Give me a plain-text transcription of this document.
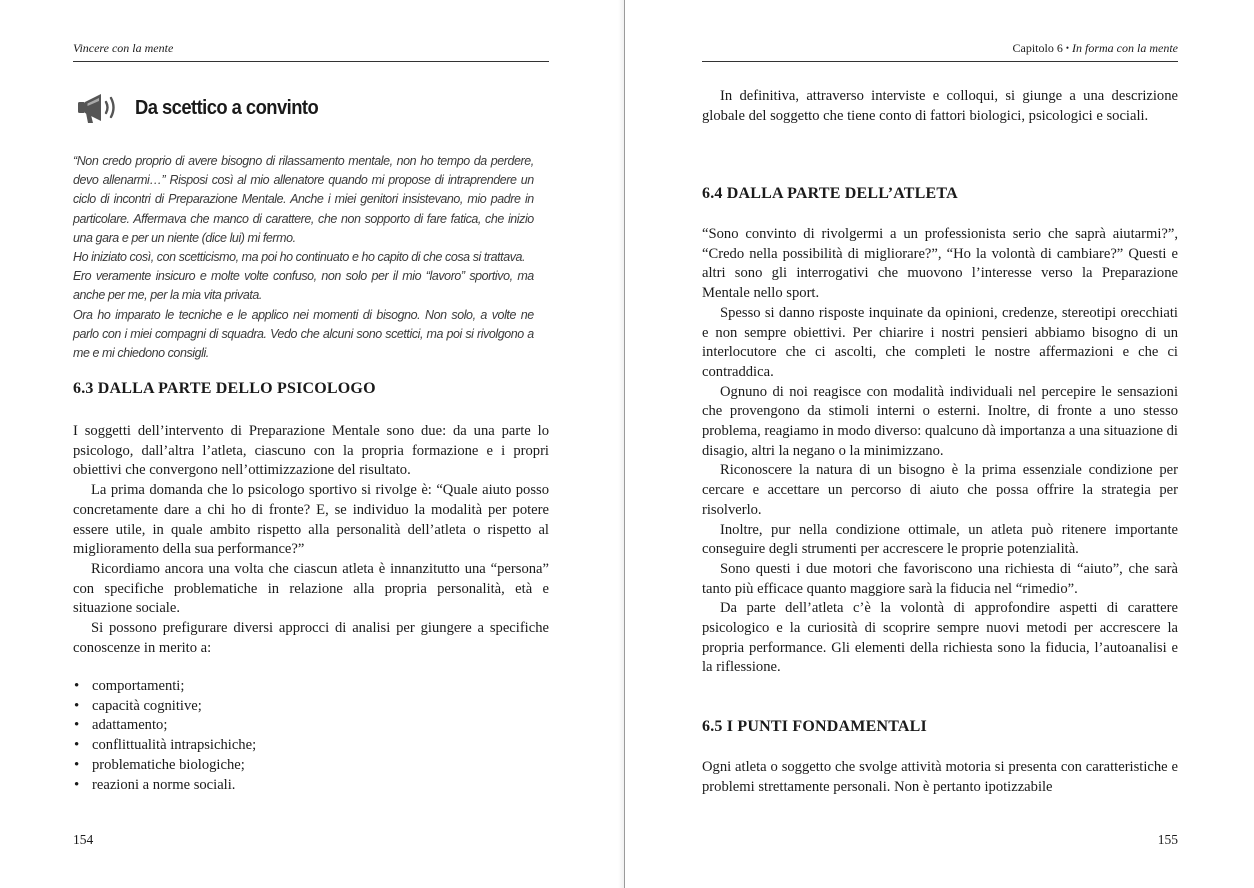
Vincere con la mente
Da scettico a convinto

“Non credo proprio di avere bisogno di rilassamento mentale, non ho tempo da perdere, devo allenarmi…” Risposi così al mio allenatore quando mi propose di intraprendere un ciclo di incontri di Preparazione Mentale. Anche i miei genitori insistevano, mio padre in particolare. Affermava che manco di carattere, che non sopporto di fare fatica, che inizio una gara e per un niente (dice lui) mi fermo.

Ho iniziato così, con scetticismo, ma poi ho continuato e ho capito di che cosa si trattava.

Ero veramente insicuro e molte volte confuso, non solo per il mio “lavoro” sportivo, ma anche per me, per la mia vita privata.

Ora ho imparato le tecniche e le applico nei momenti di bisogno. Non solo, a volte ne parlo con i miei compagni di squadra. Vedo che alcuni sono scettici, ma poi si rivolgono a me e mi chiedono consigli.

6.3 DALLA PARTE DELLO PSICOLOGO

I soggetti dell’intervento di Preparazione Mentale sono due: da una parte lo psicologo, dall’altra l’atleta, ciascuno con la propria formazione e i propri obiettivi che convergono nell’ottimizzazione del risultato.

La prima domanda che lo psicologo sportivo si rivolge è: “Quale aiuto posso concretamente dare a chi ho di fronte? E, se individuo la modalità per potere essere utile, in quale ambito rispetto alla personalità dell’atleta o rispetto al miglioramento della sua performance?”

Ricordiamo ancora una volta che ciascun atleta è innanzitutto una “persona” con specifiche problematiche in relazione alla propria personalità, età e situazione sociale.

Si possono prefigurare diversi approcci di analisi per giungere a specifiche conoscenze in merito a:

• comportamenti;
• capacità cognitive;
• adattamento;
• conflittualità intrapsichiche;
• problematiche biologiche;
• reazioni a norme sociali.
154
Capitolo 6 • In forma con la mente

In definitiva, attraverso interviste e colloqui, si giunge a una descrizione globale del soggetto che tiene conto di fattori biologici, psicologici e sociali.

6.4 DALLA PARTE DELL’ATLETA

“Sono convinto di rivolgermi a un professionista serio che saprà aiutarmi?”, “Credo nella possibilità di migliorare?”, “Ho la volontà di cambiare?” Questi e altri sono gli interrogativi che muovono l’interesse verso la Preparazione Mentale nello sport.

Spesso si danno risposte inquinate da opinioni, credenze, stereotipi orecchiati e non sempre obiettivi. Per chiarire i nostri pensieri abbiamo bisogno di un interlocutore che ci ascolti, che completi le nostre affermazioni e che ci contraddica.

Ognuno di noi reagisce con modalità individuali nel percepire le sensazioni che provengono da stimoli interni o esterni. Inoltre, di fronte a uno stesso problema, reagiamo in modo diverso: qualcuno dà importanza a una situazione di disagio, altri la negano o la minimizzano.

Riconoscere la natura di un bisogno è la prima essenziale condizione per cercare e accettare un percorso di aiuto che possa offrire la strategia per risolverlo.

Inoltre, pur nella condizione ottimale, un atleta può ritenere importante conseguire degli strumenti per accrescere le proprie potenzialità.

Sono questi i due motori che favoriscono una richiesta di “aiuto”, che sarà tanto più efficace quanto maggiore sarà la fiducia nel “rimedio”.

Da parte dell’atleta c’è la volontà di approfondire aspetti di carattere psicologico e la curiosità di scoprire sempre nuovi metodi per accrescere la propria performance. Gli elementi della richiesta sono la fiducia, l’autoanalisi e la riflessione.

6.5 I PUNTI FONDAMENTALI

Ogni atleta o soggetto che svolge attività motoria si presenta con caratteristiche e problemi strettamente personali. Non è pertanto ipotizzabile

155
